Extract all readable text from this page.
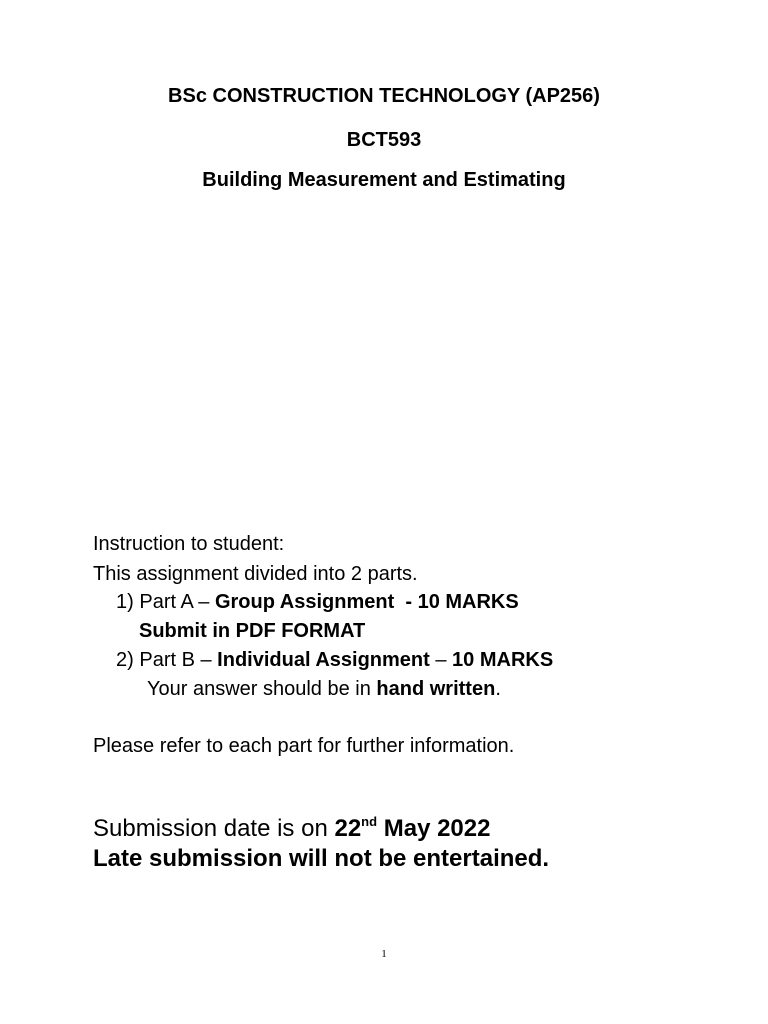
BSc CONSTRUCTION TECHNOLOGY (AP256)
BCT593
Building Measurement and Estimating
Instruction to student:
This assignment divided into 2 parts.
1) Part A – Group Assignment  - 10 MARKS
Submit in PDF FORMAT
2) Part B – Individual Assignment – 10 MARKS
Your answer should be in hand written.
Please refer to each part for further information.
Submission date is on 22nd May 2022
Late submission will not be entertained.
1
